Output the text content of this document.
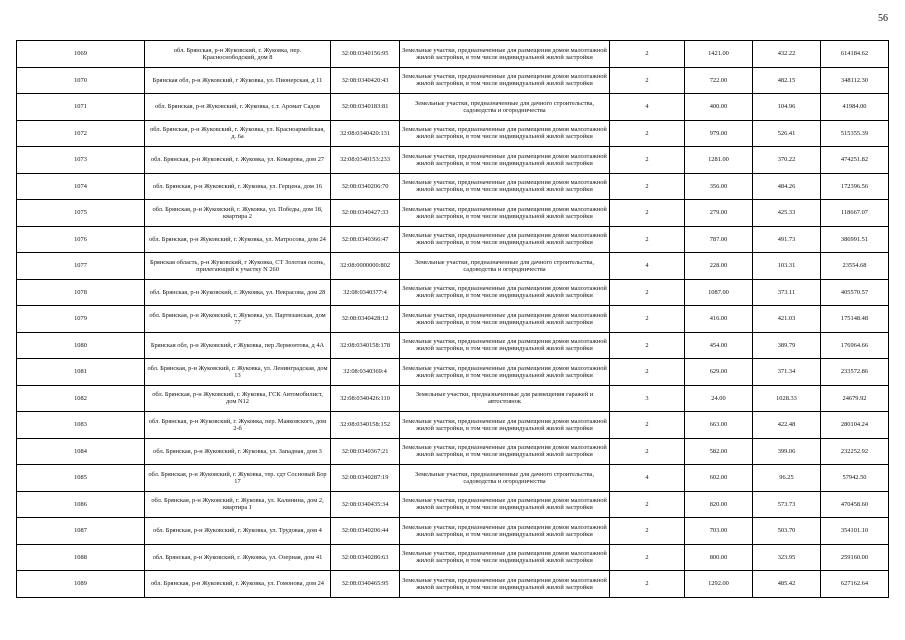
56
1069	обл. Брянская, р-н Жуковский, г. Жуковка, пер. Красноснободский, дом 8	32:08:0340156:95	Земельные участки, предназначенные для размещения домов малоэтажной жилой застройки, в том числе индивидуальной жилой застройки	2	1421.00	432.22	614184.62
1070	Брянская обл, р-н Жуковский, г Жуковка, ул. Пионерская, д 11	32:08:0340420:43	Земельные участки, предназначенные для размещения домов малоэтажной жилой застройки, в том числе индивидуальной жилой застройки	2	722.00	482.15	348112.30
1071	обл. Брянская, р-н Жуковский, г. Жуковка, с.т. Аромат Садов	32:08:0340183:81	Земельные участки, предназначенные для дачного строительства, садоводства и огородничества	4	400.00	104.96	41984.00
1072	обл. Брянская, р-н Жуковский, г. Жуковка, ул. Красноармейская, д. 6а	32:08:0340420:131	Земельные участки, предназначенные для размещения домов малоэтажной жилой застройки, в том числе индивидуальной жилой застройки	2	979.00	526.41	515355.39
1073	обл. Брянская, р-н Жуковский, г. Жуковка, ул. Комарова, дом 27	32:08:0340153:233	Земельные участки, предназначенные для размещения домов малоэтажной жилой застройки, в том числе индивидуальной жилой застройки	2	1281.00	370.22	474251.82
1074	обл. Брянская, р-н Жуковский, г. Жуковка, ул. Герцена, дом 16	32:08:0340206:70	Земельные участки, предназначенные для размещения домов малоэтажной жилой застройки, в том числе индивидуальной жилой застройки	2	356.00	484.26	172396.56
1075	обл. Брянская, р-н Жуковский, г. Жуковка, ул. Победы, дом 18, квартира 2	32:08:0340427:33	Земельные участки, предназначенные для размещения домов малоэтажной жилой застройки, в том числе индивидуальной жилой застройки	2	279.00	425.33	118667.07
1076	обл. Брянская, р-н Жуковский, г. Жуковка, ул. Матросова, дом 24	32:08:0340366:47	Земельные участки, предназначенные для размещения домов малоэтажной жилой застройки, в том числе индивидуальной жилой застройки	2	787.00	491.73	386991.51
1077	Брянская область, р-н Жуковский, г Жуковка, СТ Золотая осень, прилегающий к участку N 260	32:08:0000000:802	Земельные участки, предназначенные для дачного строительства, садоводства и огородничества	4	228.00	103.31	23554.68
1078	обл. Брянская, р-н Жуковский, г. Жуковка, ул. Некрасова, дом 28	32:08:0340377:4	Земельные участки, предназначенные для размещения домов малоэтажной жилой застройки, в том числе индивидуальной жилой застройки	2	1087.00	373.11	405570.57
1079	обл. Брянская, р-н Жуковский, г. Жуковка, ул. Партизанская, дом 77	32:08:0340428:12	Земельные участки, предназначенные для размещения домов малоэтажной жилой застройки, в том числе индивидуальной жилой застройки	2	416.00	421.03	175148.48
1080	Брянская обл, р-н Жуковский, г Жуковка, пер Лермонтова, д 4А	32:08:0340158:178	Земельные участки, предназначенные для размещения домов малоэтажной жилой застройки, в том числе индивидуальной жилой застройки	2	454.00	389.79	176964.66
1081	обл. Брянская, р-н Жуковский, г. Жуковка, ул. Ленинградская, дом 13	32:08:0340369:4	Земельные участки, предназначенные для размещения домов малоэтажной жилой застройки, в том числе индивидуальной жилой застройки	2	629.00	371.34	233572.86
1082	обл. Брянская, р-н Жуковский, г. Жуковка, ГСК Автомобилист, дом N12	32:08:0340426:110	Земельные участки, предназначенные для размещения гаражей и автостоянок	3	24.00	1028.33	24679.92
1083	обл. Брянская, р-н Жуковский, г. Жуковка, пер. Маяковского, дом 2-б	32:08:0340158:152	Земельные участки, предназначенные для размещения домов малоэтажной жилой застройки, в том числе индивидуальной жилой застройки	2	663.00	422.48	280104.24
1084	обл. Брянская, р-н Жуковский, г. Жуковка, ул. Западная, дом 3	32:08:0340367:21	Земельные участки, предназначенные для размещения домов малоэтажной жилой застройки, в том числе индивидуальной жилой застройки	2	582.00	399.06	232252.92
1085	обл. Брянская, р-н Жуковский, г. Жуковка, тер. сдт Сосновый Бор 17	32:08:0340287:19	Земельные участки, предназначенные для дачного строительства, садоводства и огородничества	4	602.00	96.25	57942.50
1086	обл. Брянская, р-н Жуковский, г. Жуковка, ул. Калинина, дом 2, квартира 1	32:08:0340435:34	Земельные участки, предназначенные для размещения домов малоэтажной жилой застройки, в том числе индивидуальной жилой застройки	2	820.00	573.73	470458.60
1087	обл. Брянская, р-н Жуковский, г. Жуковка, ул. Трудовая, дом 4	32:08:0340206:44	Земельные участки, предназначенные для размещения домов малоэтажной жилой застройки, в том числе индивидуальной жилой застройки	2	703.00	503.70	354101.10
1088	обл. Брянская, р-н Жуковский, г. Жуковка, ул. Озерная, дом 41	32:08:0340286:63	Земельные участки, предназначенные для размещения домов малоэтажной жилой застройки, в том числе индивидуальной жилой застройки	2	800.00	323.95	259160.00
1089	обл. Брянская, р-н Жуковский, г. Жуковка, ул. Гомонова, дом 24	32:08:0340465:95	Земельные участки, предназначенные для размещения домов малоэтажной жилой застройки, в том числе индивидуальной жилой застройки	2	1292.00	485.42	627162.64
